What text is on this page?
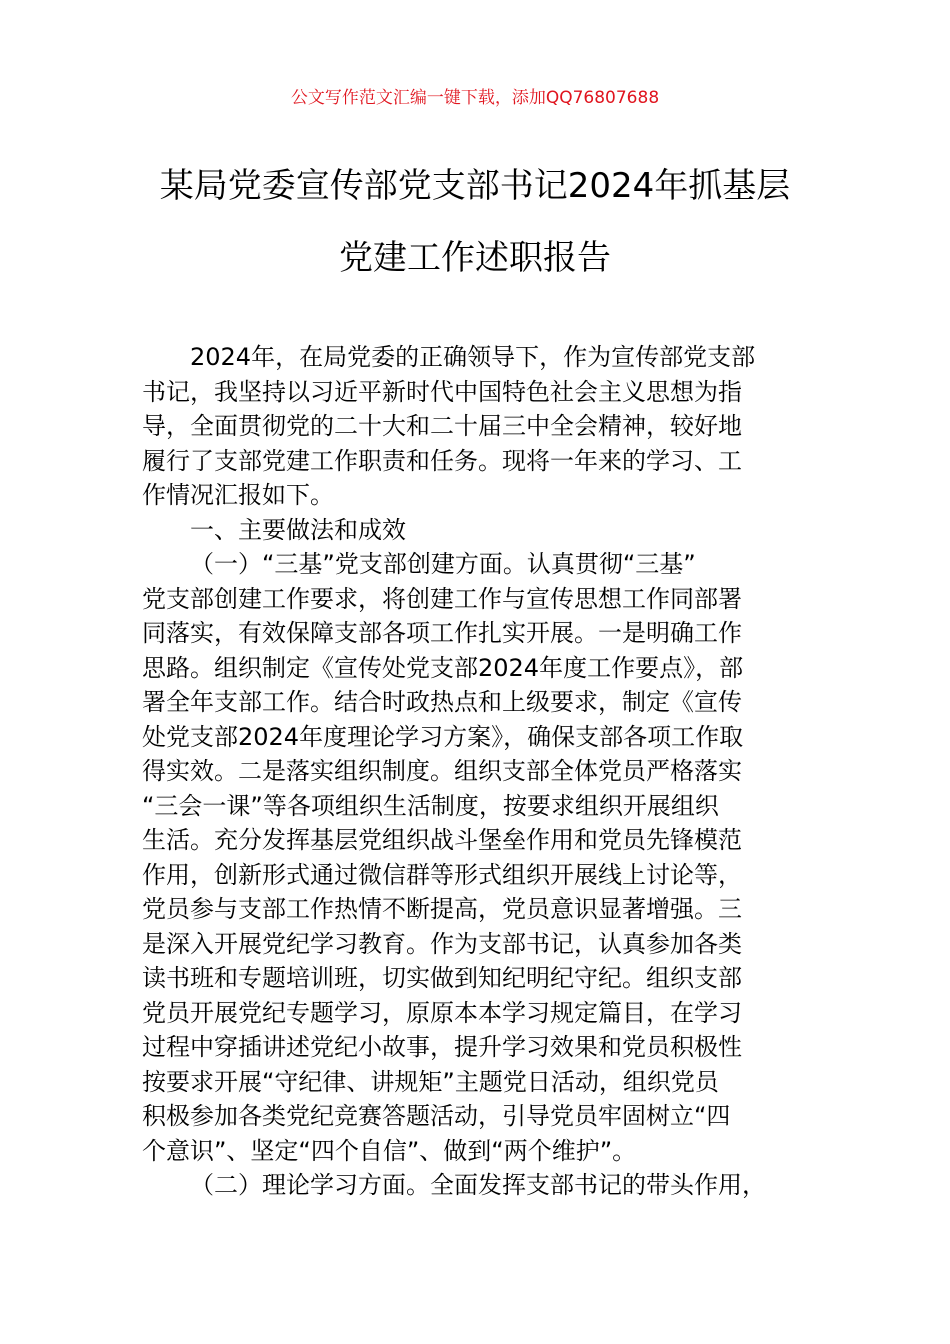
公文写作范文汇编一键下载，添加QQ76807688
某局党委宣传部党支部书记2024年抓基层
党建工作述职报告
2024年，在局党委的正确领导下，作为宣传部党支部
书记，我坚持以习近平新时代中国特色社会主义思想为指
导，全面贯彻党的二十大和二十届三中全会精神，较好地
履行了支部党建工作职责和任务。现将一年来的学习、工
作情况汇报如下。
一、主要做法和成效
（一）“三基”党支部创建方面。认真贯彻“三基”
党支部创建工作要求，将创建工作与宣传思想工作同部署
同落实，有效保障支部各项工作扎实开展。一是明确工作
思路。组织制定《宣传处党支部2024年度工作要点》，部
署全年支部工作。结合时政热点和上级要求，制定《宣传
处党支部2024年度理论学习方案》，确保支部各项工作取
得实效。二是落实组织制度。组织支部全体党员严格落实
“三会一课”等各项组织生活制度，按要求组织开展组织
生活。充分发挥基层党组织战斗堡垒作用和党员先锋模范
作用，创新形式通过微信群等形式组织开展线上讨论等，
党员参与支部工作热情不断提高，党员意识显著增强。三
是深入开展党纪学习教育。作为支部书记，认真参加各类
读书班和专题培训班，切实做到知纪明纪守纪。组织支部
党员开展党纪专题学习，原原本本学习规定篇目，在学习
过程中穿插讲述党纪小故事，提升学习效果和党员积极性
按要求开展“守纪律、讲规矩”主题党日活动，组织党员
积极参加各类党纪竞赛答题活动，引导党员牢固树立“四
个意识”、坚定“四个自信”、做到“两个维护”。
（二）理论学习方面。全面发挥支部书记的带头作用，
